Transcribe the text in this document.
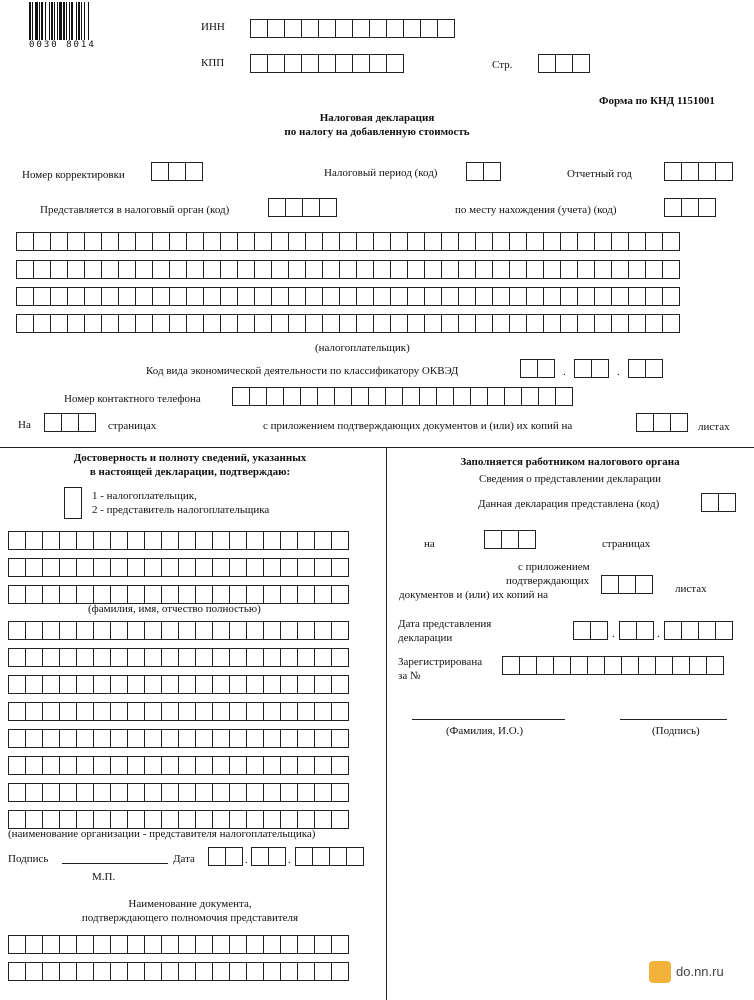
0030 8014
ИНН
КПП	Стр.
Форма по КНД 1151001
Налоговая декларация
по налогу на добавленную стоимость
Номер корректировки	Налоговый период (код)	Отчетный год
Представляется в налоговый орган (код)	по месту нахождения (учета) (код)
(налогоплательщик)
Код вида экономической деятельности по классификатору ОКВЭД	.	.
Номер контактного телефона
На	страницах	с приложением подтверждающих документов и (или) их копий на	листах
Достоверность и полноту сведений, указанных
в настоящей декларации, подтверждаю:
1 - налогоплательщик,
2 - представитель налогоплательщика
(фамилия, имя, отчество полностью)
(наименование организации - представителя налогоплательщика)
Подпись	Дата	.	.
М.П.
Наименование документа,
подтверждающего полномочия представителя
Заполняется работником налогового органа
Сведения о представлении декларации
Данная декларация представлена (код)
на	страницах
с приложением
подтверждающих
документов и (или) их копий на	листах
Дата представления
декларации	.	.
Зарегистрирована
за №
(Фамилия, И.О.)	(Подпись)
do.nn.ru
